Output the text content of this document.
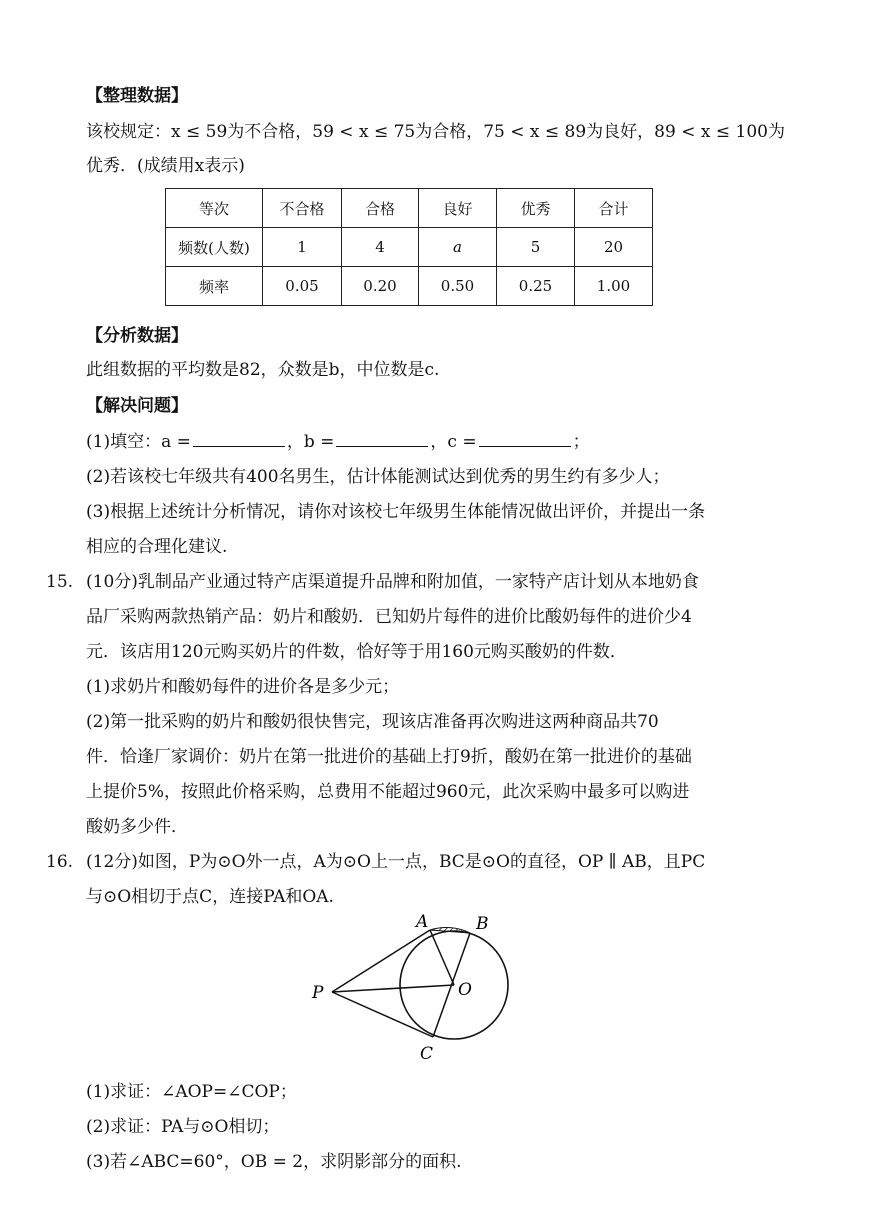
【整理数据】
该校规定：x ≤ 59为不合格，59 < x ≤ 75为合格，75 < x ≤ 89为良好，89 < x ≤ 100为
优秀．(成绩用x表示)
等次	不合格	合格	良好	优秀	合计
频数(人数)	1	4	a	5	20
频率	0.05	0.20	0.50	0.25	1.00
【分析数据】
此组数据的平均数是82，众数是b，中位数是c.
【解决问题】
(1)填空：a =	，b =	，c =	；
(2)若该校七年级共有400名男生，估计体能测试达到优秀的男生约有多少人；
(3)根据上述统计分析情况，请你对该校七年级男生体能情况做出评价，并提出一条
相应的合理化建议.
15. (10分)乳制品产业通过特产店渠道提升品牌和附加值，一家特产店计划从本地奶食
品厂采购两款热销产品：奶片和酸奶．已知奶片每件的进价比酸奶每件的进价少4
元．该店用120元购买奶片的件数，恰好等于用160元购买酸奶的件数．
(1)求奶片和酸奶每件的进价各是多少元；
(2)第一批采购的奶片和酸奶很快售完，现该店准备再次购进这两种商品共70
件．恰逢厂家调价：奶片在第一批进价的基础上打9折，酸奶在第一批进价的基础
上提价5%，按照此价格采购，总费用不能超过960元，此次采购中最多可以购进
酸奶多少件．
16. (12分)如图，P为⊙O外一点，A为⊙O上一点，BC是⊙O的直径，OP ∥ AB，且PC
与⊙O相切于点C，连接PA和OA.
A	B
P	O
C
(1)求证：∠AOP=∠COP；
(2)求证：PA与⊙O相切；
(3)若∠ABC=60°，OB = 2，求阴影部分的面积.
